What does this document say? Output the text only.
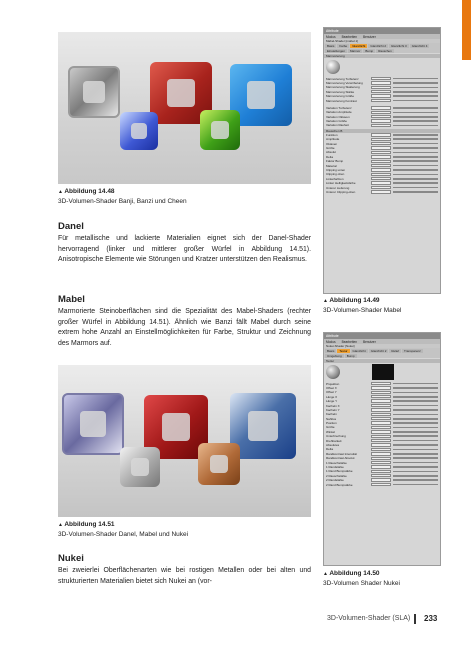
▲ Abbildung 14.48
3D-Volumen-Shader Banji, Banzi und Cheen
Danel
Für metallische und lackierte Materialien eignet sich der Danel-Shader hervorragend (linker und mittlerer großer Würfel in Abbildung 14.51). Anisotropische Elemente wie Störungen und Kratzer unterstützen den Realismus.
Mabel
Marmorierte Steinoberflächen sind die Spezialität des Mabel-Shaders (rechter großer Würfel in Abbildung 14.51). Ähnlich wie Banzi fällt Mabel durch seine extrem hohe Anzahl an Einstellmöglichkeiten für Farbe, Struktur und Zeichnung des Marmors auf.
▲ Abbildung 14.51
3D-Volumen-Shader Danel, Mabel und Nukei
Nukei
Bei zweierlei Oberflächenarten wie bei rostigen Metallen oder bei alten und strukturierten Materialien bietet sich Nukei an (vor-
Attribute
Modus Bearbeiten Benutzer
Mabel-Shader [mabel.1]
Basis	Farbe	Glanzlicht	Glanzlicht 2	Glanzlicht 3	Glanzlicht 4
Einstellungen	Marmor	Bump	Rauschen
Marmorierung
Marmorierung Turbulenz
Marmorierung Verwirbelung
Marmorierung Skalierung
Marmorierung Stärke
Marmorierung Größe
Marmorierung Kontrast
Variation Turbulenz
Variation Amplitude
Variation Oktaven
Variation Größe
Variation Rauheit
Rauschen B
Funktion
Amplitude
Oktaven
Größe
Absolut
Delta
Faktor Bump
Material
Clipping unten
Clipping oben
Linkerfarbton
Linker Helligkeitsfarbe
Unterer Lieferung
Unterer Clipping-oben
▲ Abbildung 14.49
3D-Volumen-Shader Mabel
Attribute
Modus Bearbeiten Benutzer
Nukei-Shader [Nukei]
Basis	Textur	Glanzlicht	Glanzlicht 2	Relief	Transparenz
Umgebung	Bump
Textur
Projektion
Offset X
Offset Y
Länge X
Länge Y
Kacheln X
Kacheln Y
Kacheln
Nahtlos
Position
Größe
Winkel
Unterbrechung
Drehbarkeit
Absolutes
Delta
Randkontrast Intensität
Randkontrast Absolut
1 Rauschstärke
1 Randstärke
1 Rand Bumpstärke
2 Rauschstärke
2 Randstärke
2 Rand Bumpstärke
▲ Abbildung 14.50
3D-Volumen Shader Nukei
3D-Volumen-Shader (SLA) 233
